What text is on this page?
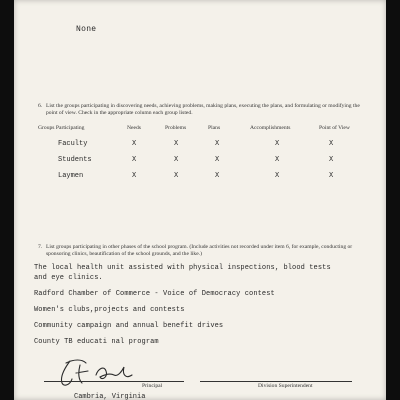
None
6. List the groups participating in discovering needs, achieving problems, making plans, executing the plans, and formulating or modifying the point of view. Check in the appropriate column each group listed.
Groups Participating	Needs	Problems	Plans	Accomplishments	Point of View
Faculty	X	X	X	X	X
Students	X	X	X	X	X
Laymen	X	X	X	X	X
7. List groups participating in other phases of the school program. (Include activities not recorded under item 6, for example, conducting or sponsoring clinics, beautification of the school grounds, and the like.)
The local health unit assisted with physical inspections, blood tests
and eye clinics.
Radford Chamber of Commerce - Voice of Democracy contest
Women's clubs,projects and contests
Community campaign and annual benefit drives
County TB educati nal program
Principal	Division Superintendent
Cambria, Virginia
